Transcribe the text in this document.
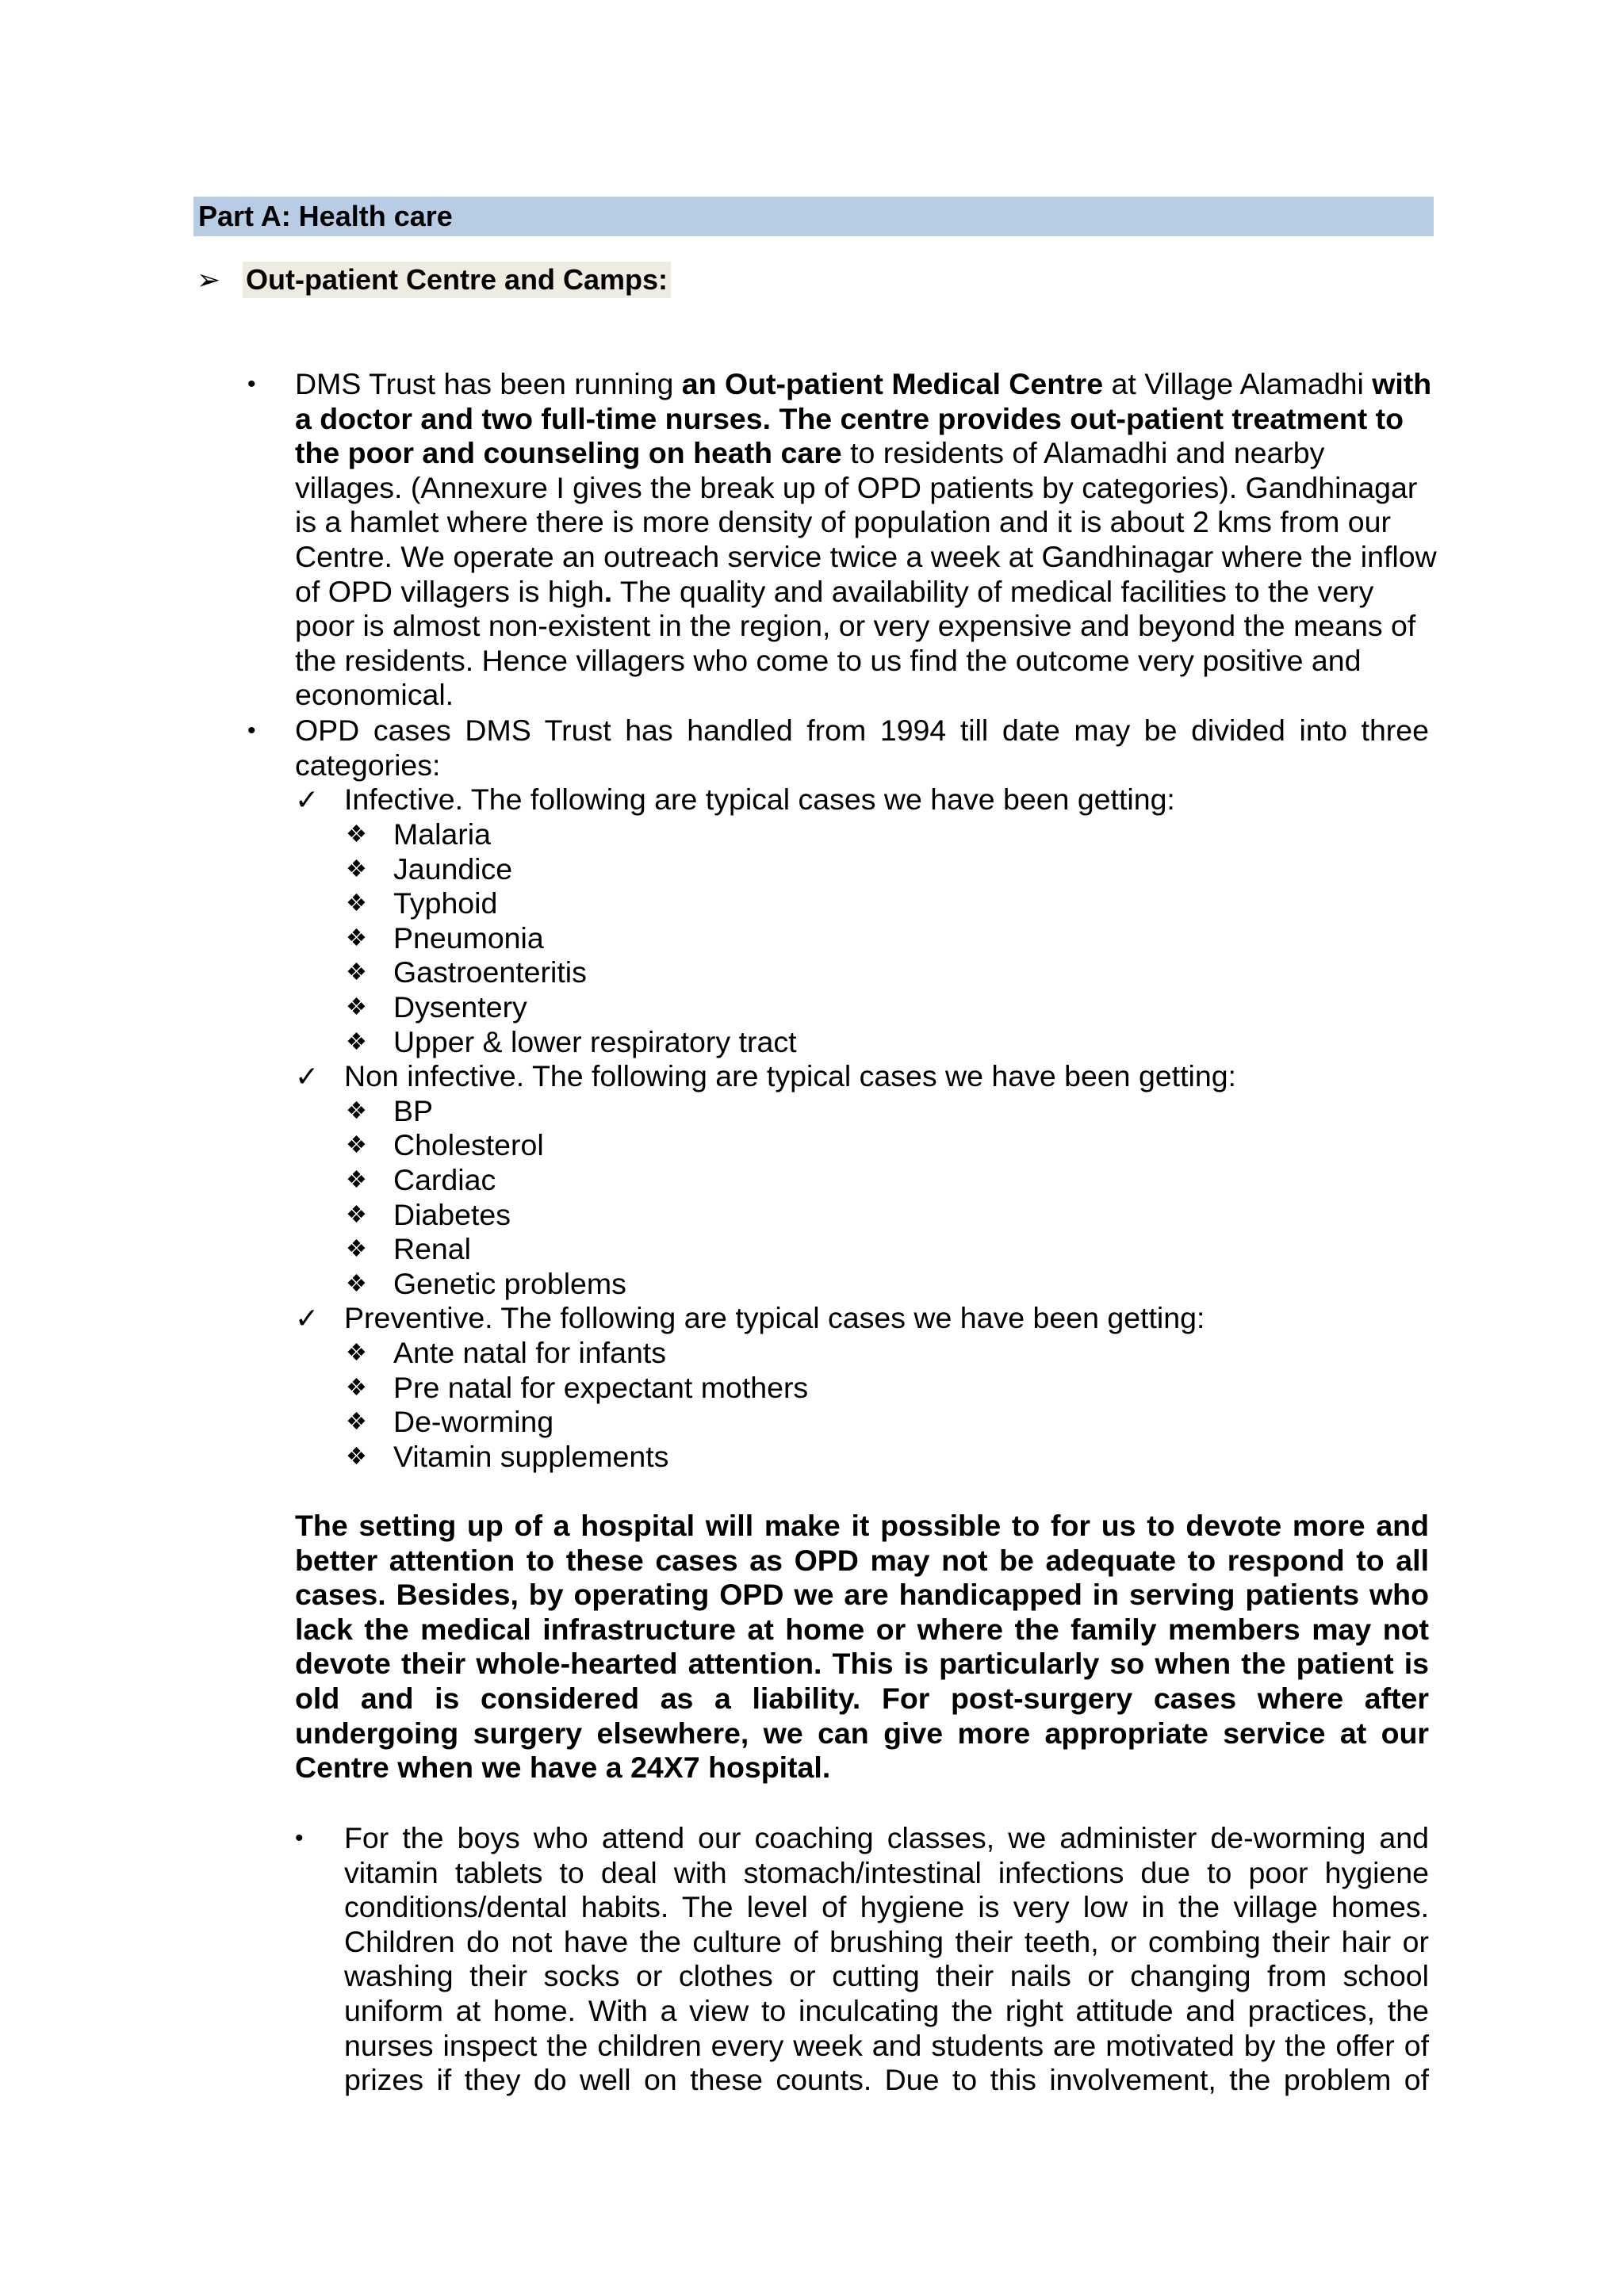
Part A: Health care
➢ Out-patient Centre and Camps:
• DMS Trust has been running an Out-patient Medical Centre at Village Alamadhi with a doctor and two full-time nurses. The centre provides out-patient treatment to the poor and counseling on heath care to residents of Alamadhi and nearby villages. (Annexure I gives the break up of OPD patients by categories). Gandhinagar is a hamlet where there is more density of population and it is about 2 kms from our Centre. We operate an outreach service twice a week at Gandhinagar where the inflow of OPD villagers is high. The quality and availability of medical facilities to the very poor is almost non-existent in the region, or very expensive and beyond the means of the residents. Hence villagers who come to us find the outcome very positive and economical.

• OPD cases DMS Trust has handled from 1994 till date may be divided into three categories:

✓ Infective. The following are typical cases we have been getting:
❖ Malaria
❖ Jaundice
❖ Typhoid
❖ Pneumonia
❖ Gastroenteritis
❖ Dysentery
❖ Upper & lower respiratory tract
✓ Non infective. The following are typical cases we have been getting:
❖ BP
❖ Cholesterol
❖ Cardiac
❖ Diabetes
❖ Renal
❖ Genetic problems
✓ Preventive. The following are typical cases we have been getting:
❖ Ante natal for infants
❖ Pre natal for expectant mothers
❖ De-worming
❖ Vitamin supplements

The setting up of a hospital will make it possible to for us to devote more and better attention to these cases as OPD may not be adequate to respond to all cases. Besides, by operating OPD we are handicapped in serving patients who lack the medical infrastructure at home or where the family members may not devote their whole-hearted attention. This is particularly so when the patient is old and is considered as a liability. For post-surgery cases where after undergoing surgery elsewhere, we can give more appropriate service at our Centre when we have a 24X7 hospital.

• For the boys who attend our coaching classes, we administer de-worming and vitamin tablets to deal with stomach/intestinal infections due to poor hygiene conditions/dental habits. The level of hygiene is very low in the village homes. Children do not have the culture of brushing their teeth, or combing their hair or washing their socks or clothes or cutting their nails or changing from school uniform at home. With a view to inculcating the right attitude and practices, the nurses inspect the children every week and students are motivated by the offer of prizes if they do well on these counts. Due to this involvement, the problem of
